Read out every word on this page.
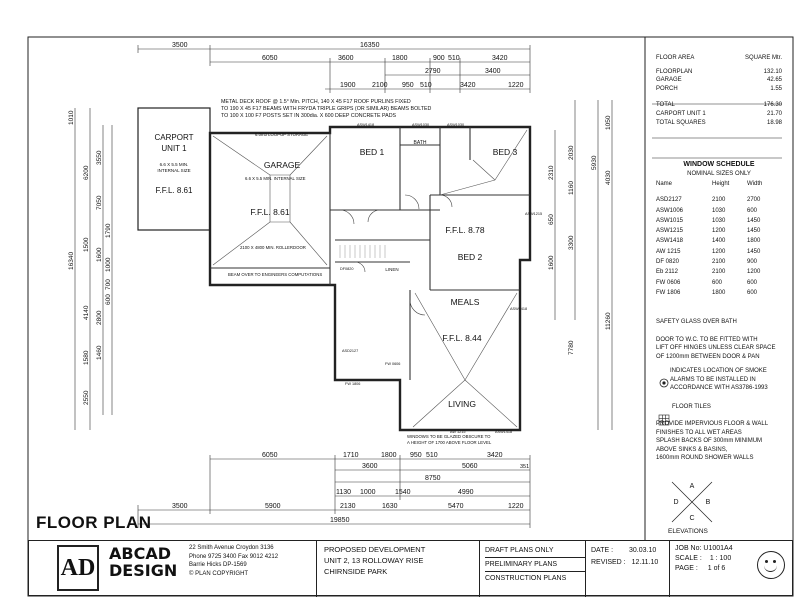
3500	16350
6050	3600	1800	900 510	3420
2790	3400
1900 2100 950 510	3420	1220
METAL DECK ROOF @ 1.5° Min. PITCH, 140 X 45 F17 ROOF PURLINS FIXED
TO 190 X 45 F17 BEAMS WITH FRYDA TRIPLE GRIPS (OR SIMILAR) BEAMS BOLTED
TO 100 X 100 F7 POSTS SET IN 300dia. X 600 DEEP CONCRETE PADS
CARPORT
UNIT 1
6.6 X 5.5 MIN.
INTERNAL SIZE
F.F.L. 8.61
GARAGE
F.F.L. 8.61
BED 1	BED 3
BATH
F.F.L. 8.78
BED 2
MEALS
F.F.L. 8.44
LIVING
LINEN
6.0m3 LOOPUP STORAGE
6.6 X 5.5 MIN. INTERNAL SIZE
2100 X 4800 MIN. ROLLERDOOR
BEAM OVER TO ENGINEERS COMPUTATIONS
WINDOWS TO BE GLAZED OBSCURE TO
A HEIGHT OF 1700 ABOVE FLOOR LEVEL
ASW1418	ASW1030	ASW1030
ASW1215
ASW1418
ASD2127
FW 1806
FW 0606
AW 1215	ASW1418
DF0820
16340
6200
7050
3550
1500
4140
1600
2800
1460
1580
2550
1010
700
1790
1000
600
1050
2030
5930
3300
1600
1160
650
2310	4030
7780
11260
6050	1710	1800 950 510	3420
3600	5060	351
8750
1130 1000	1540	4990
3500	5900	2130	1630	5470	1220
19850
A
B
C
D
FLOOR AREA	SQUARE Mtr.
FLOORPLAN	132.10
GARAGE	42.65
PORCH	1.55
TOTAL	176.30
CARPORT UNIT 1	21.70
TOTAL SQUARES	18.98
WINDOW SCHEDULE
NOMINAL SIZES ONLY
Name	Height	Width
ASD2127	2100	2700
ASW1006	1030	600
ASW1015	1030	1450
ASW1215	1200	1450
ASW1418	1400	1800
AW 1215	1200	1450
DF 0820	2100	900
Eb 2112	2100	1200
FW 0606	600	600
FW 1806	1800	600
SAFETY GLASS OVER BATH
DOOR TO W.C. TO BE FITTED WITH
LIFT OFF HINGES UNLESS CLEAR SPACE
OF 1200mm BETWEEN DOOR & PAN
INDICATES LOCATION OF SMOKE
ALARMS TO BE INSTALLED IN
ACCORDANCE WITH AS3786-1993
FLOOR TILES
PROVIDE IMPERVIOUS FLOOR & WALL
FINISHES TO ALL WET AREAS
SPLASH BACKS OF 300mm MINIMUM
ABOVE SINKS & BASINS,
1600mm ROUND SHOWER WALLS
ELEVATIONS
FLOOR PLAN
AD
ABCAD
DESIGN
22 Smith Avenue Croydon 3136
Phone 9725 3400 Fax 9012 4212
Barrie Hicks DP-1569
© PLAN COPYRIGHT
PROPOSED DEVELOPMENT
UNIT 2, 13 ROLLOWAY RISE
CHIRNSIDE PARK
DRAFT PLANS ONLY
PRELIMINARY PLANS
CONSTRUCTION PLANS
DATE : 30.03.10
REVISED : 12.11.10
JOB No: U1001A4
SCALE : 1 : 100
PAGE : 1 of 6
